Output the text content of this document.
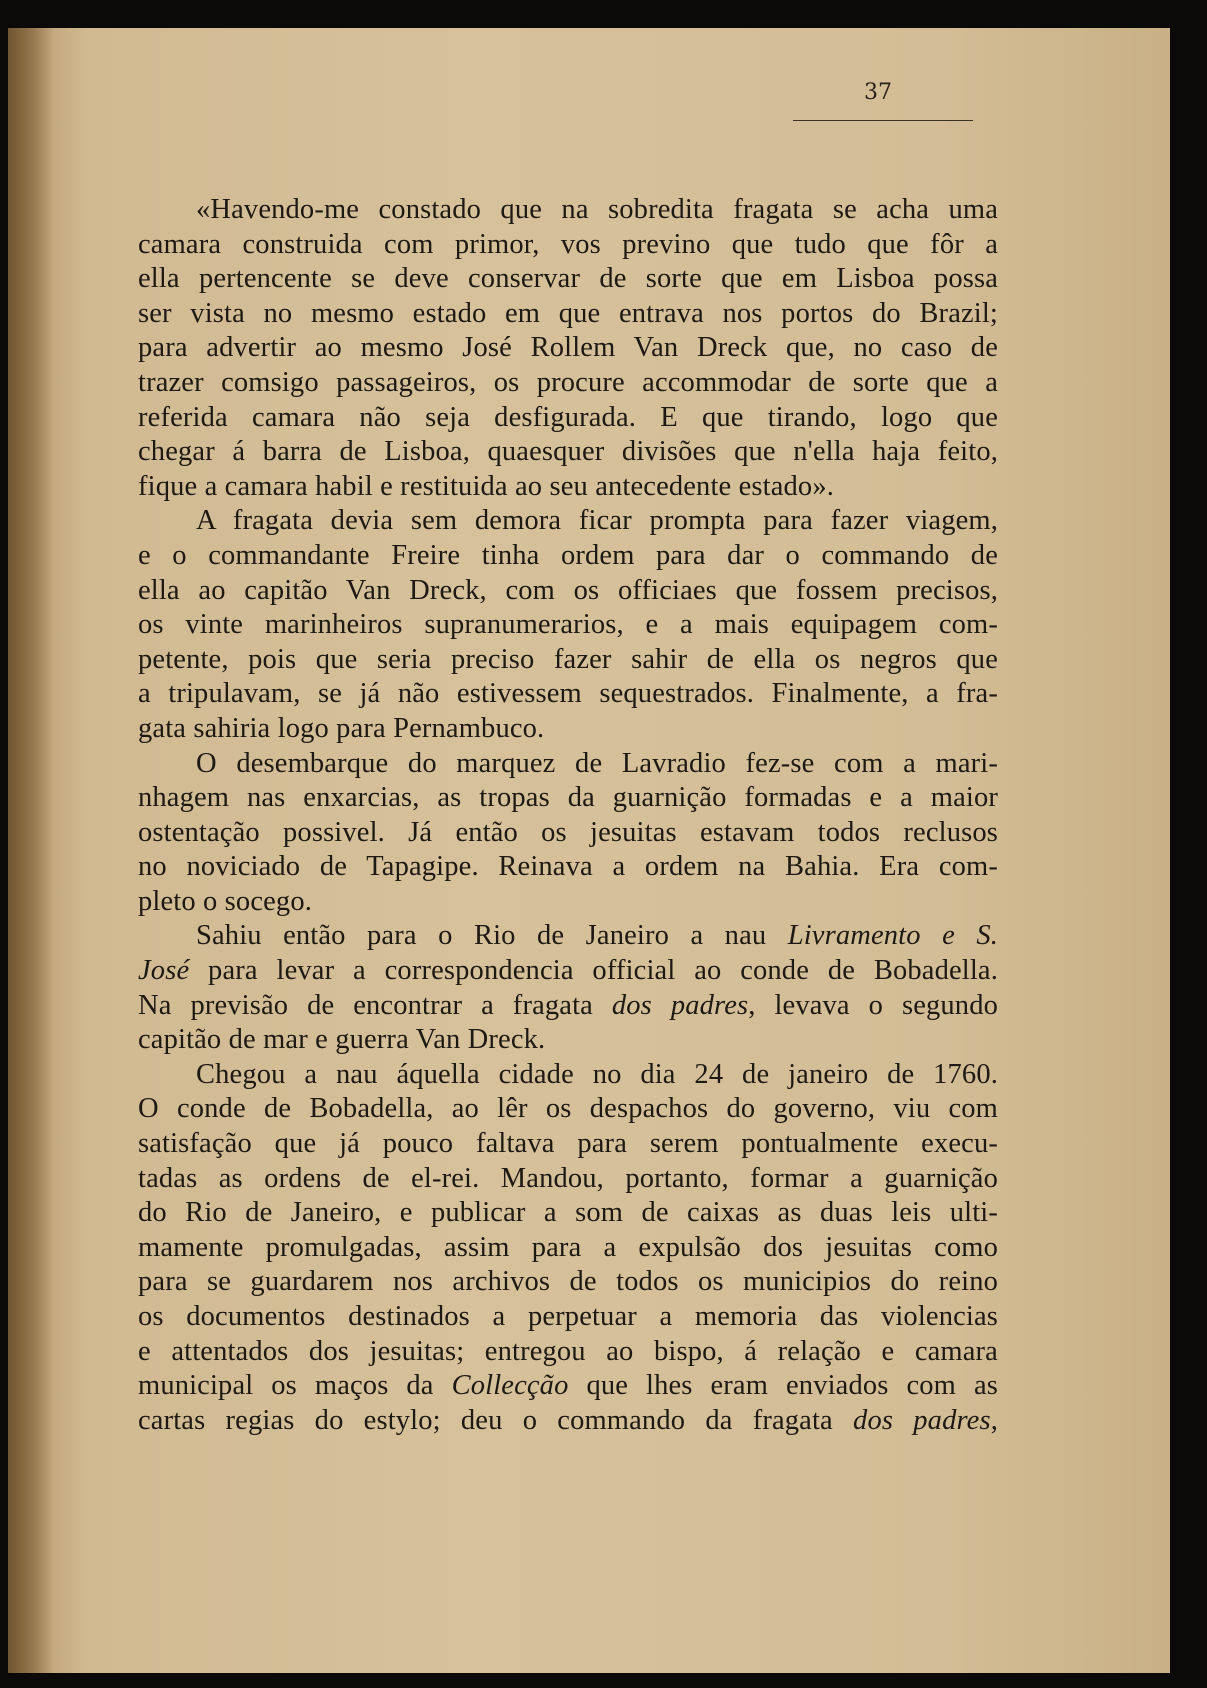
37
«Havendo-me constado que na sobredita fragata se acha uma
camara construida com primor, vos previno que tudo que fôr a
ella pertencente se deve conservar de sorte que em Lisboa possa
ser vista no mesmo estado em que entrava nos portos do Brazil;
para advertir ao mesmo José Rollem Van Dreck que, no caso de
trazer comsigo passageiros, os procure accommodar de sorte que a
referida camara não seja desfigurada. E que tirando, logo que
chegar á barra de Lisboa, quaesquer divisões que n'ella haja feito,
fique a camara habil e restituida ao seu antecedente estado».
A fragata devia sem demora ficar prompta para fazer viagem,
e o commandante Freire tinha ordem para dar o commando de
ella ao capitão Van Dreck, com os officiaes que fossem precisos,
os vinte marinheiros supranumerarios, e a mais equipagem com-
petente, pois que seria preciso fazer sahir de ella os negros que
a tripulavam, se já não estivessem sequestrados. Finalmente, a fra-
gata sahiria logo para Pernambuco.
O desembarque do marquez de Lavradio fez-se com a mari-
nhagem nas enxarcias, as tropas da guarnição formadas e a maior
ostentação possivel. Já então os jesuitas estavam todos reclusos
no noviciado de Tapagipe. Reinava a ordem na Bahia. Era com-
pleto o socego.
Sahiu então para o Rio de Janeiro a nau Livramento e S.
José para levar a correspondencia official ao conde de Bobadella.
Na previsão de encontrar a fragata dos padres, levava o segundo
capitão de mar e guerra Van Dreck.
Chegou a nau áquella cidade no dia 24 de janeiro de 1760.
O conde de Bobadella, ao lêr os despachos do governo, viu com
satisfação que já pouco faltava para serem pontualmente execu-
tadas as ordens de el-rei. Mandou, portanto, formar a guarnição
do Rio de Janeiro, e publicar a som de caixas as duas leis ulti-
mamente promulgadas, assim para a expulsão dos jesuitas como
para se guardarem nos archivos de todos os municipios do reino
os documentos destinados a perpetuar a memoria das violencias
e attentados dos jesuitas; entregou ao bispo, á relação e camara
municipal os maços da Collecção que lhes eram enviados com as
cartas regias do estylo; deu o commando da fragata dos padres,
